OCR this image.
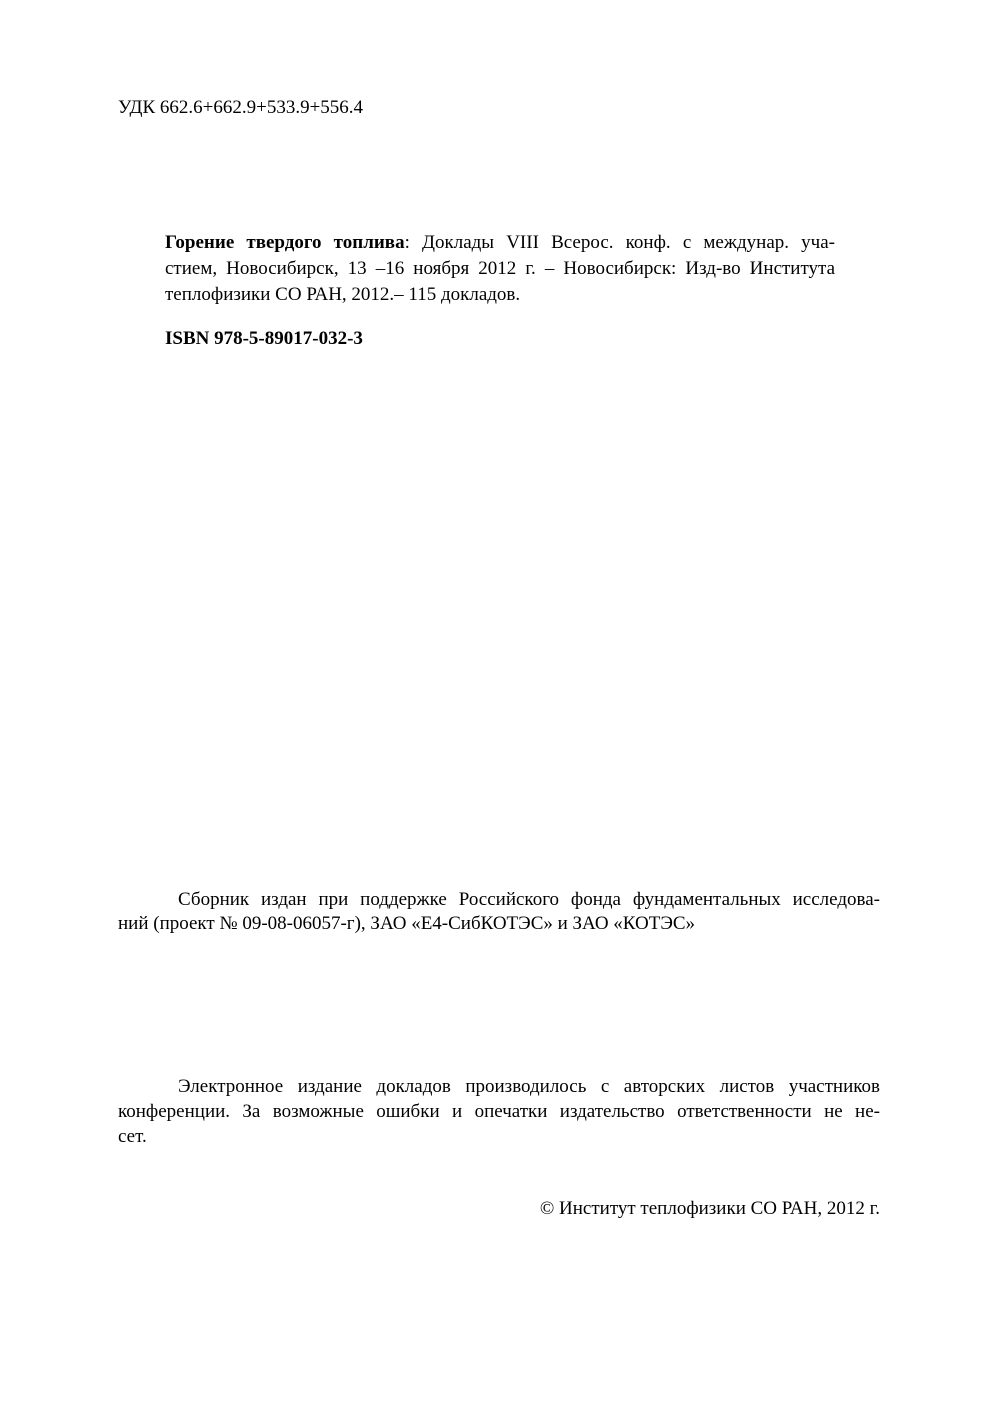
УДК 662.6+662.9+533.9+556.4
Горение твердого топлива: Доклады VIII Всерос. конф. с междунар. уча-
стием, Новосибирск, 13 –16 ноября 2012 г. – Новосибирск: Изд-во Института
теплофизики СО РАН, 2012.– 115 докладов.
ISBN 978-5-89017-032-3
Сборник издан при поддержке Российского фонда фундаментальных исследова-
ний (проект № 09-08-06057-г), ЗАО «Е4-СибКОТЭС» и ЗАО «КОТЭС»
Электронное издание докладов производилось с авторских листов участников
конференции. За возможные ошибки и опечатки издательство ответственности не не-
сет.
© Институт теплофизики СО РАН, 2012 г.
